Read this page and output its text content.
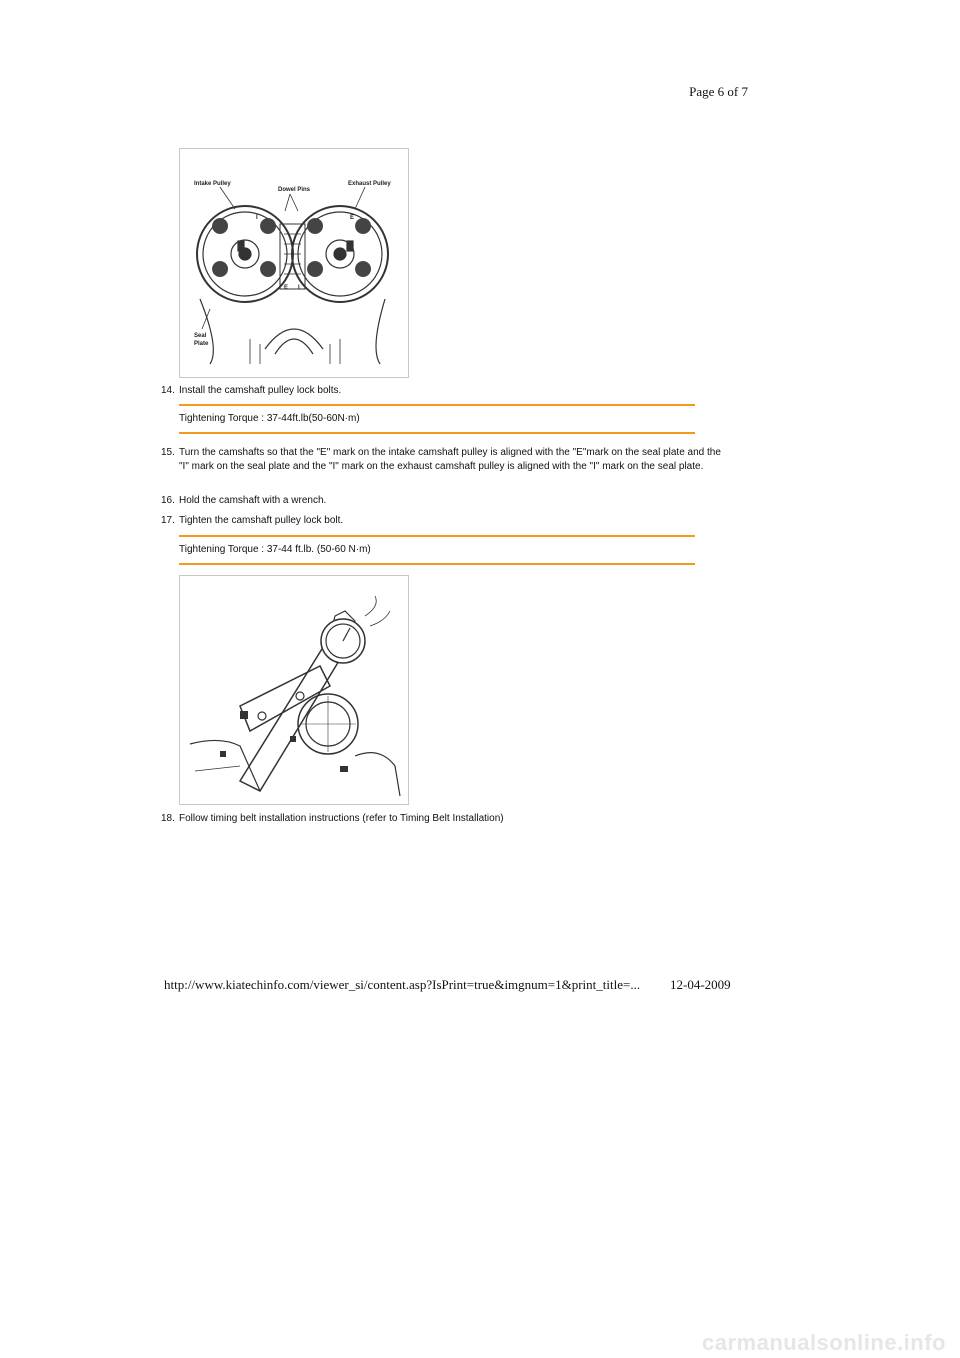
Page 6 of 7
Intake Pulley
Dowel Pins
Exhaust Pulley
I	E
E I
Seal
Plate
14. Install the camshaft pulley lock bolts.
Tightening Torque : 37-44ft.lb(50-60N·m)
15. Turn the camshafts so that the "E" mark on the intake camshaft pulley is aligned with the "E"mark on the seal plate and the "I" mark on the seal plate and the "I" mark on the exhaust camshaft pulley is aligned with the "I" mark on the seal plate.
16. Hold the camshaft with a wrench.
17. Tighten the camshaft pulley lock bolt.
Tightening Torque : 37-44 ft.lb. (50-60 N·m)
18. Follow timing belt installation instructions (refer to Timing Belt Installation)
http://www.kiatechinfo.com/viewer_si/content.asp?IsPrint=true&imgnum=1&print_title=... 12-04-2009
carmanualsonline.info
